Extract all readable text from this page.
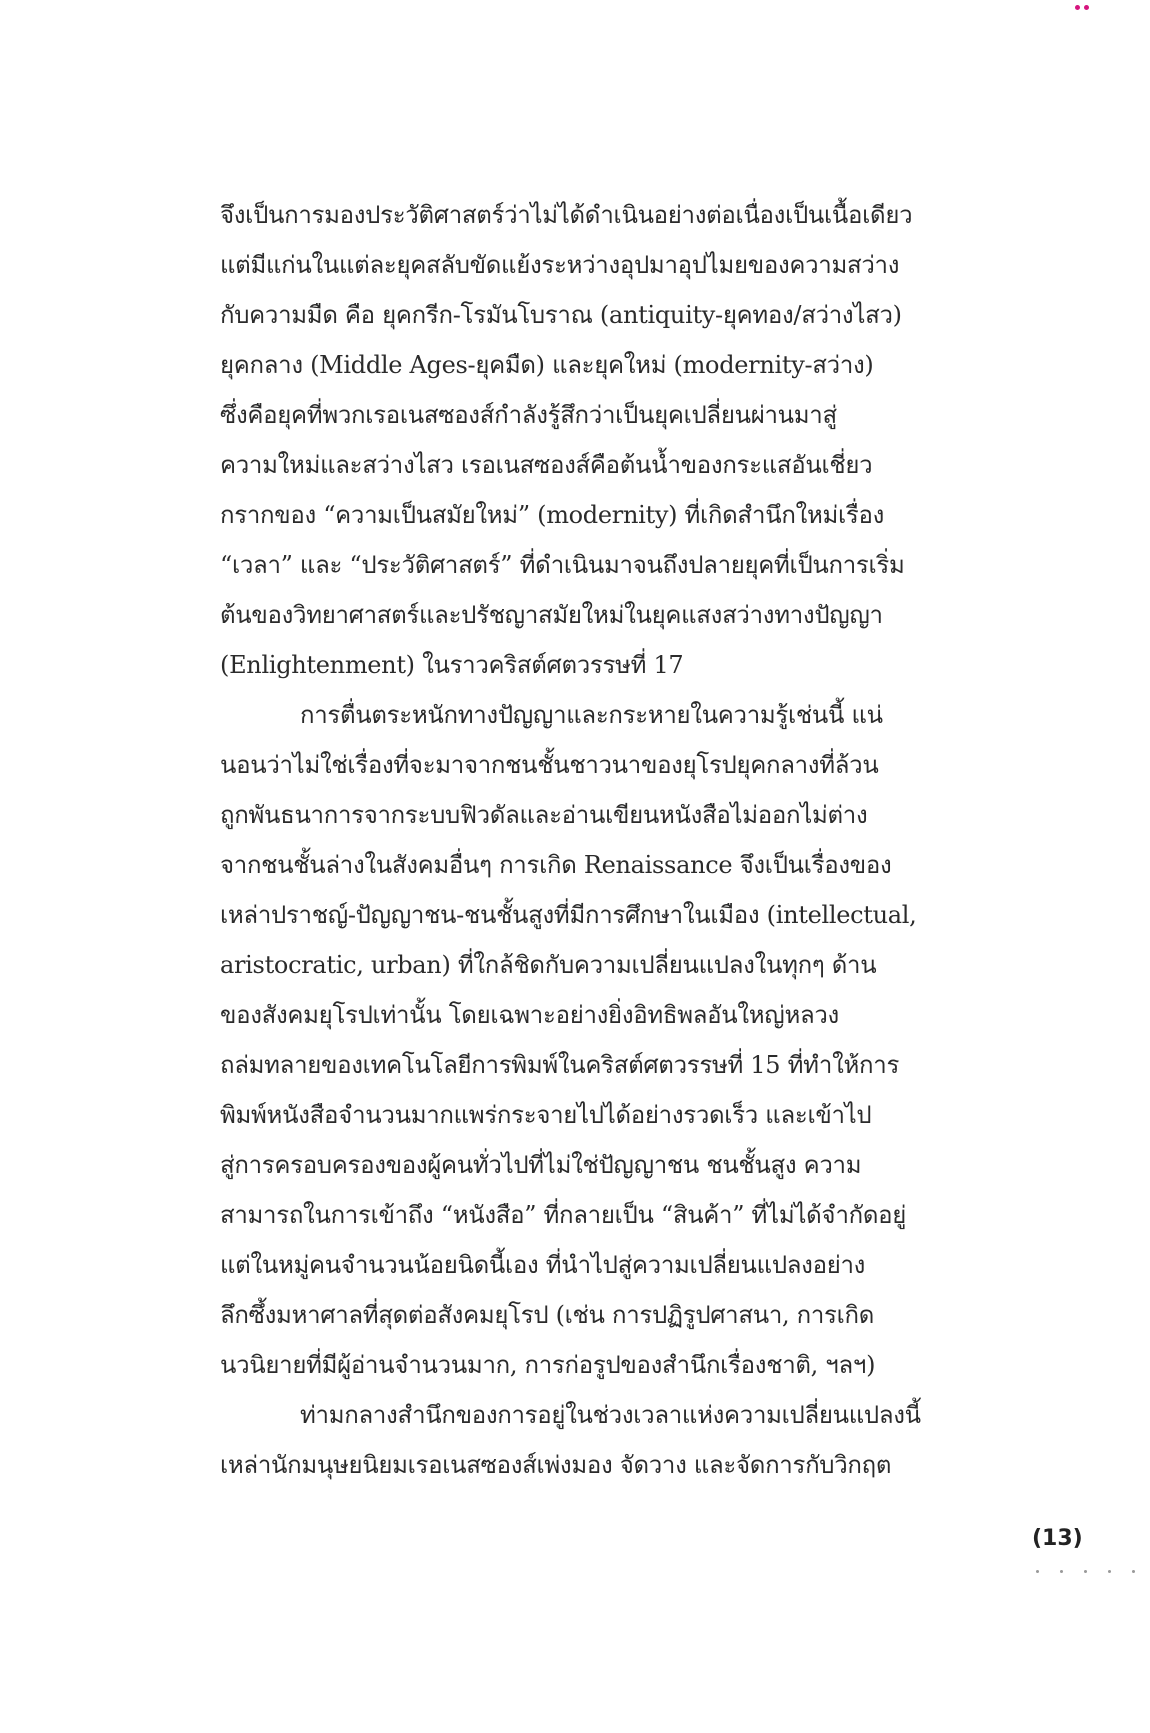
จึงเป็นการมองประวัติศาสตร์ว่าไม่ได้ดำเนินอย่างต่อเนื่องเป็นเนื้อเดียว
แต่มีแก่นในแต่ละยุคสลับขัดแย้งระหว่างอุปมาอุปไมยของความสว่าง
กับความมืด คือ ยุคกรีก-โรมันโบราณ (antiquity-ยุคทอง/สว่างไสว)
ยุคกลาง (Middle Ages-ยุคมืด) และยุคใหม่ (modernity-สว่าง)
ซึ่งคือยุคที่พวกเรอเนสซองส์กำลังรู้สึกว่าเป็นยุคเปลี่ยนผ่านมาสู่
ความใหม่และสว่างไสว เรอเนสซองส์คือต้นน้ำของกระแสอันเชี่ยว
กรากของ “ความเป็นสมัยใหม่” (modernity) ที่เกิดสำนึกใหม่เรื่อง
“เวลา” และ “ประวัติศาสตร์” ที่ดำเนินมาจนถึงปลายยุคที่เป็นการเริ่ม
ต้นของวิทยาศาสตร์และปรัชญาสมัยใหม่ในยุคแสงสว่างทางปัญญา
(Enlightenment) ในราวคริสต์ศตวรรษที่ 17
การตื่นตระหนักทางปัญญาและกระหายในความรู้เช่นนี้ แน่
นอนว่าไม่ใช่เรื่องที่จะมาจากชนชั้นชาวนาของยุโรปยุคกลางที่ล้วน
ถูกพันธนาการจากระบบฟิวดัลและอ่านเขียนหนังสือไม่ออกไม่ต่าง
จากชนชั้นล่างในสังคมอื่นๆ การเกิด Renaissance จึงเป็นเรื่องของ
เหล่าปราชญ์-ปัญญาชน-ชนชั้นสูงที่มีการศึกษาในเมือง (intellectual,
aristocratic, urban) ที่ใกล้ชิดกับความเปลี่ยนแปลงในทุกๆ ด้าน
ของสังคมยุโรปเท่านั้น โดยเฉพาะอย่างยิ่งอิทธิพลอันใหญ่หลวง
ถล่มทลายของเทคโนโลยีการพิมพ์ในคริสต์ศตวรรษที่ 15 ที่ทำให้การ
พิมพ์หนังสือจำนวนมากแพร่กระจายไปได้อย่างรวดเร็ว และเข้าไป
สู่การครอบครองของผู้คนทั่วไปที่ไม่ใช่ปัญญาชน ชนชั้นสูง ความ
สามารถในการเข้าถึง “หนังสือ” ที่กลายเป็น “สินค้า” ที่ไม่ได้จำกัดอยู่
แต่ในหมู่คนจำนวนน้อยนิดนี้เอง ที่นำไปสู่ความเปลี่ยนแปลงอย่าง
ลึกซึ้งมหาศาลที่สุดต่อสังคมยุโรป (เช่น การปฏิรูปศาสนา, การเกิด
นวนิยายที่มีผู้อ่านจำนวนมาก, การก่อรูปของสำนึกเรื่องชาติ, ฯลฯ)
ท่ามกลางสำนึกของการอยู่ในช่วงเวลาแห่งความเปลี่ยนแปลงนี้
เหล่านักมนุษยนิยมเรอเนสซองส์เพ่งมอง จัดวาง และจัดการกับวิกฤต
(13)
